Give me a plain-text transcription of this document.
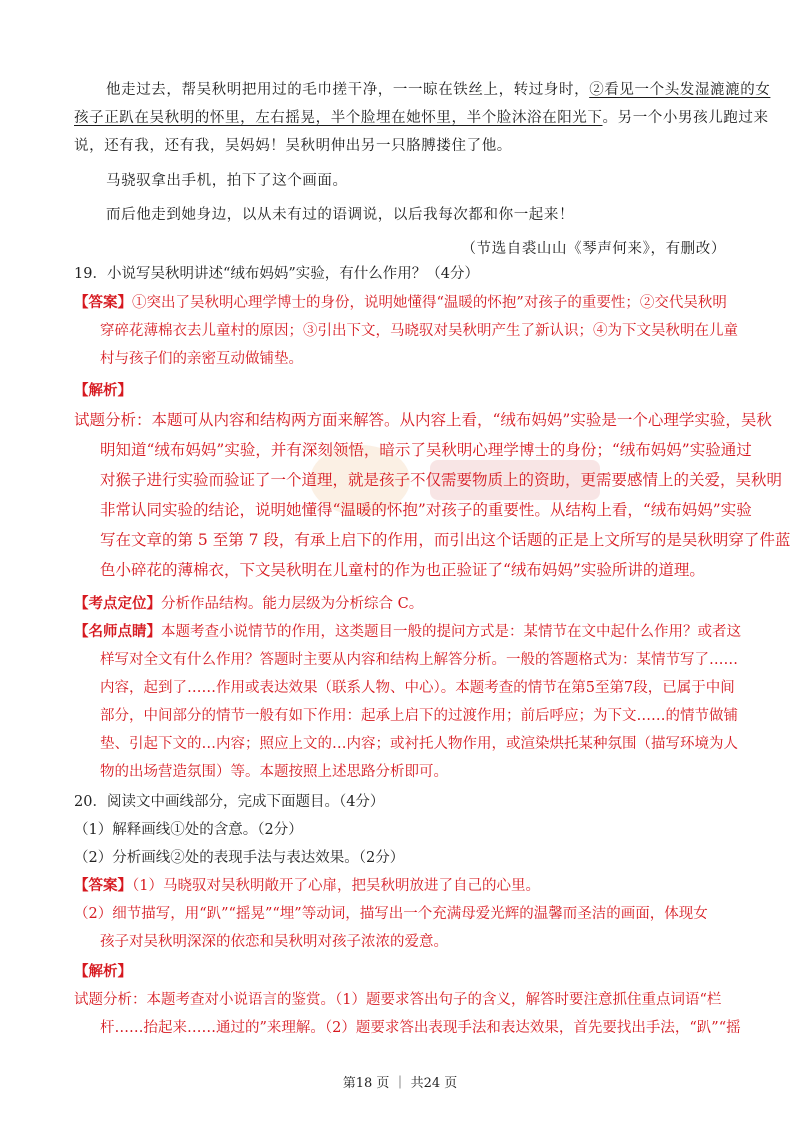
他走过去，帮吴秋明把用过的毛巾搓干净，一一晾在铁丝上，转过身时，②看见一个头发湿漉漉的女
孩子正趴在吴秋明的怀里，左右摇晃，半个脸埋在她怀里，半个脸沐浴在阳光下。另一个小男孩儿跑过来
说，还有我，还有我，吴妈妈！吴秋明伸出另一只胳膊搂住了他。
马骁驭拿出手机，拍下了这个画面。
而后他走到她身边，以从未有过的语调说，以后我每次都和你一起来！
（节选自裘山山《琴声何来》，有删改）
19．小说写吴秋明讲述“绒布妈妈”实验，有什么作用？（4分）
【答案】①突出了吴秋明心理学博士的身份，说明她懂得“温暖的怀抱”对孩子的重要性；②交代吴秋明
穿碎花薄棉衣去儿童村的原因；③引出下文，马晓驭对吴秋明产生了新认识；④为下文吴秋明在儿童
村与孩子们的亲密互动做铺垫。
【解析】
试题分析：本题可从内容和结构两方面来解答。从内容上看，“绒布妈妈”实验是一个心理学实验，吴秋
明知道“绒布妈妈”实验，并有深刻领悟，暗示了吴秋明心理学博士的身份；“绒布妈妈”实验通过
对猴子进行实验而验证了一个道理，就是孩子不仅需要物质上的资助，更需要感情上的关爱，吴秋明
非常认同实验的结论，说明她懂得“温暖的怀抱”对孩子的重要性。从结构上看，“绒布妈妈”实验
写在文章的第 5 至第 7 段，有承上启下的作用，而引出这个话题的正是上文所写的是吴秋明穿了件蓝
色小碎花的薄棉衣，下文吴秋明在儿童村的作为也正验证了“绒布妈妈”实验所讲的道理。
【考点定位】分析作品结构。能力层级为分析综合 C。
【名师点睛】本题考查小说情节的作用，这类题目一般的提问方式是：某情节在文中起什么作用？或者这
样写对全文有什么作用？答题时主要从内容和结构上解答分析。一般的答题格式为：某情节写了……
内容，起到了……作用或表达效果（联系人物、中心）。本题考查的情节在第5至第7段，已属于中间
部分，中间部分的情节一般有如下作用：起承上启下的过渡作用；前后呼应；为下文……的情节做铺
垫、引起下文的…内容；照应上文的…内容；或衬托人物作用，或渲染烘托某种氛围（描写环境为人
物的出场营造氛围）等。本题按照上述思路分析即可。
20．阅读文中画线部分，完成下面题目。（4分）
（1）解释画线①处的含意。（2分）
（2）分析画线②处的表现手法与表达效果。（2分）
【答案】（1）马晓驭对吴秋明敞开了心扉，把吴秋明放进了自己的心里。
（2）细节描写，用“趴”“摇晃”“埋”等动词，描写出一个充满母爱光辉的温馨而圣洁的画面，体现女
孩子对吴秋明深深的依恋和吴秋明对孩子浓浓的爱意。
【解析】
试题分析：本题考查对小说语言的鉴赏。（1）题要求答出句子的含义，解答时要注意抓住重点词语“栏
杆……抬起来……通过的”来理解。（2）题要求答出表现手法和表达效果，首先要找出手法，“趴”“摇
第18 页 ｜ 共24 页
